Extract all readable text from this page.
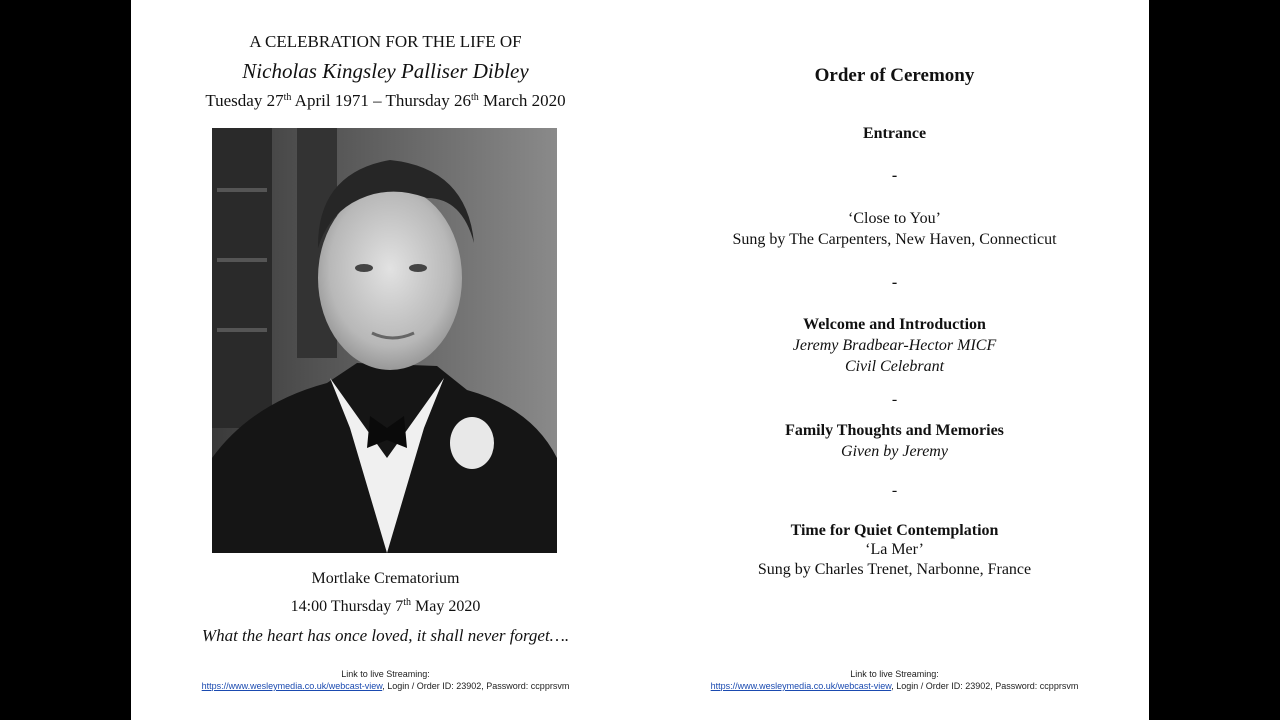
A CELEBRATION FOR THE LIFE OF
Nicholas Kingsley Palliser Dibley
Tuesday 27th April 1971 – Thursday 26th March 2020
Mortlake Crematorium
14:00 Thursday 7th May 2020
What the heart has once loved, it shall never forget….
Link to live Streaming:
https://www.wesleymedia.co.uk/webcast-view, Login / Order ID: 23902, Password: ccpprsvm
Order of Ceremony
Entrance
-
‘Close to You’
Sung by The Carpenters, New Haven, Connecticut
-
Welcome and Introduction
Jeremy Bradbear-Hector MICF
Civil Celebrant
-
Family Thoughts and Memories
Given by Jeremy
-
Time for Quiet Contemplation
‘La Mer’
Sung by Charles Trenet, Narbonne, France
Link to live Streaming:
https://www.wesleymedia.co.uk/webcast-view, Login / Order ID: 23902, Password: ccpprsvm
